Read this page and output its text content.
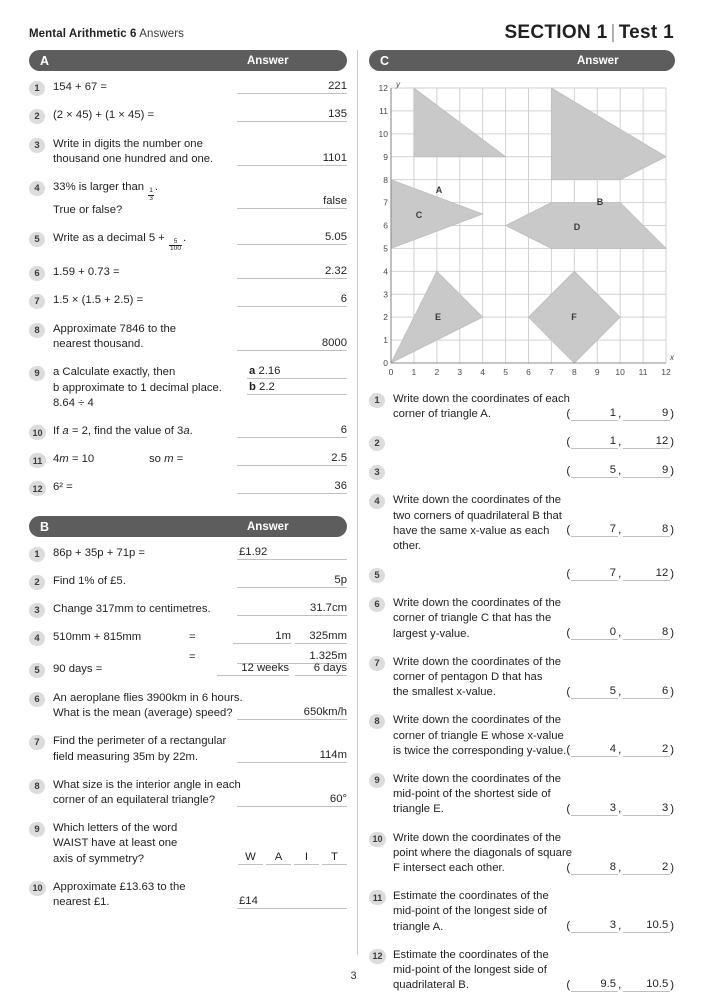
Mental Arithmetic 6 Answers	SECTION 1 | Test 1
A	Answer
1	154 + 67 =	221
2	(2 × 45) + (1 × 45) =	135
3	Write in digits the number one
thousand one hundred and one.	1101
4	33% is larger than
$\frac{1}{3}$
.
True or false?
false
5	Write as a decimal 5 +
$\frac{5}{100}$
.	5.05
6	1.59 + 0.73 =	2.32
7	1.5 × (1.5 + 2.5) =	6
8	Approximate 7846 to the
nearest thousand.	8000
9	a Calculate exactly, then
b approximate to 1 decimal place.
8.64 ÷ 4
a 2.16
b 2.2
10 If a = 2, find the value of 3a.	6
11 4m = 10	so m =	2.5
12 6² =	36
B	Answer
1	86p + 35p + 71p =	£1.92
2	Find 1% of £5.	5p
3	Change 317mm to centimetres.	31.7cm
4	510mm + 815mm	=	1m	325mm
=	1.325m
5	90 days =	12 weeks	6 days
6	An aeroplane flies 3900km in 6 hours.
What is the mean (average) speed?	650km/h
7	Find the perimeter of a rectangular
field measuring 35m by 22m.	114m
8	What size is the interior angle in each
corner of an equilateral triangle?	60°
9	Which letters of the word
WAIST have at least one
axis of symmetry?	W	A	I	T
10 Approximate £13.63 to the
nearest £1.	£14
C	Answer
A
B
C
D
E	F
0
1
2
3
4
5
6
7
8
9
10
11
12
0 1 2 3 4 5 6 7 8 9 10 11 12
y
x
1	Write down the coordinates of each
corner of triangle A.	(	1 ,	9 )
2
	(	1 ,	12 )
3
	(	5 ,	9 )
4	Write down the coordinates of the
two corners of quadrilateral B that
have the same x-value as each other.
(	7 ,	8 )
5
	(	7 ,	12 )
6	Write down the coordinates of the
corner of triangle C that has the
largest y-value.	(	0 ,	8 )
7	Write down the coordinates of the
corner of pentagon D that has
the smallest x-value.	(	5 ,	6 )
8	Write down the coordinates of the
corner of triangle E whose x-value
is twice the corresponding y-value. (	4 ,	2 )
9	Write down the coordinates of the
mid-point of the shortest side of
triangle E.	(	3 ,	3 )
10 Write down the coordinates of the
point where the diagonals of square
F intersect each other.	(	8 ,	2 )
11 Estimate the coordinates of the
mid-point of the longest side of
triangle A.	(	3 ,	10.5 )
12 Estimate the coordinates of the
mid-point of the longest side of
quadrilateral B.	(	9.5 ,	10.5 )
3
